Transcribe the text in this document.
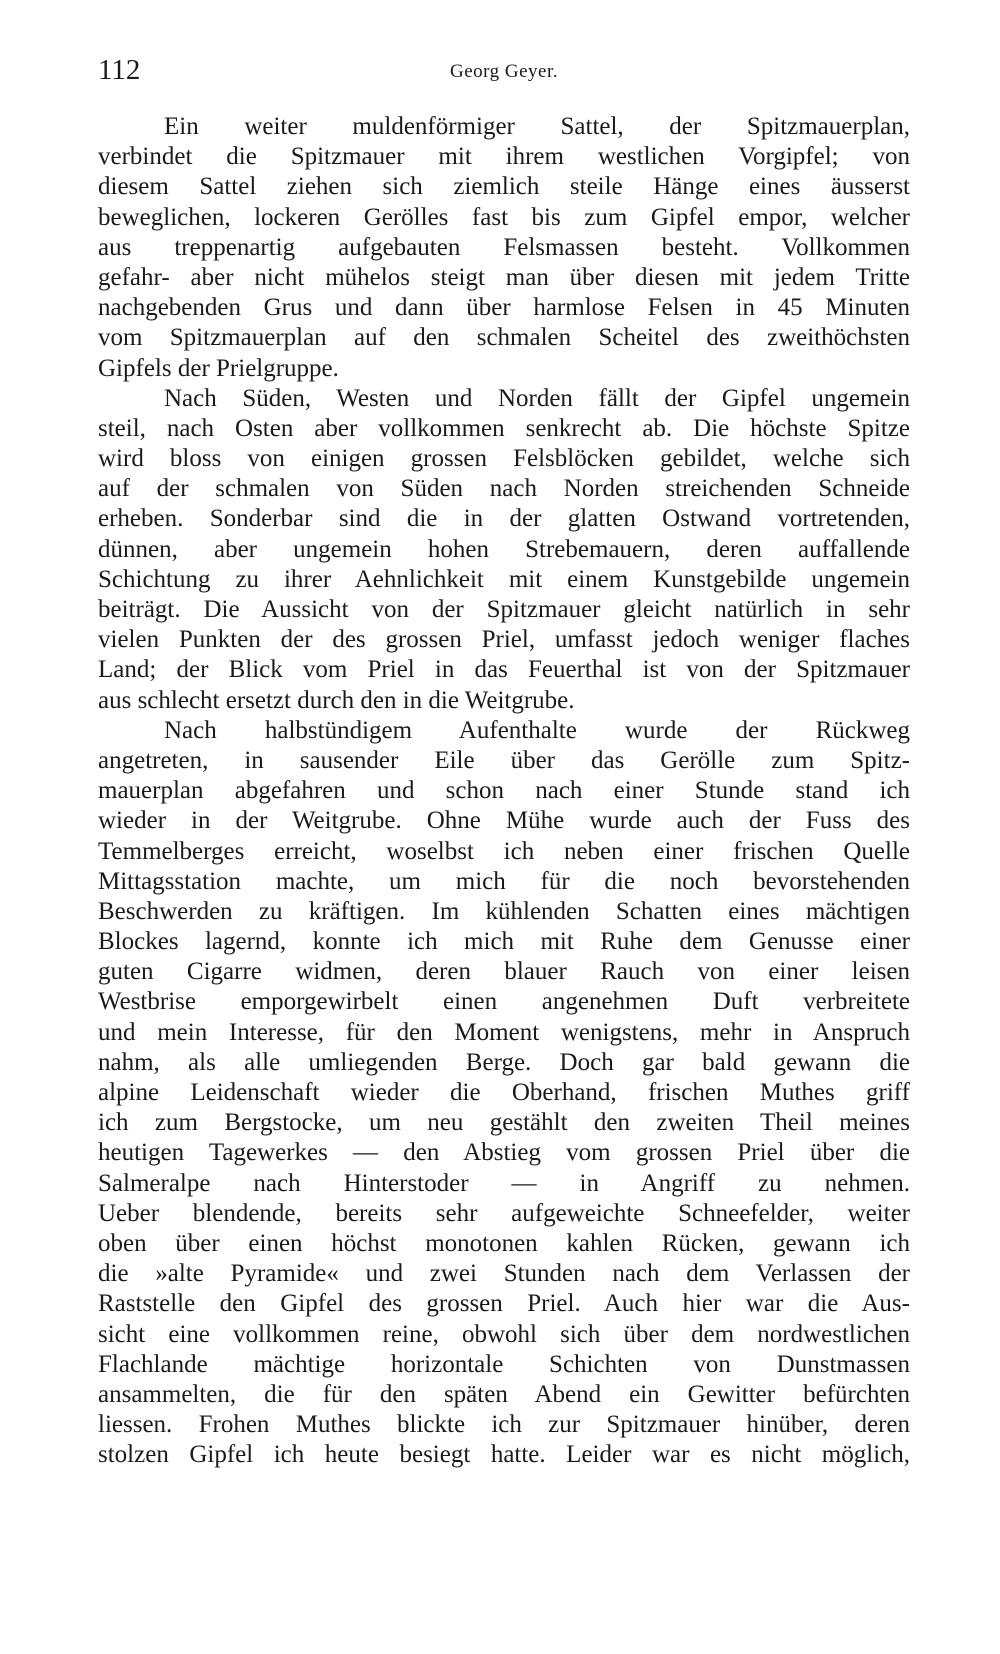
112	Georg Geyer.
Ein weiter muldenförmiger Sattel, der Spitzmauerplan,
verbindet die Spitzmauer mit ihrem westlichen Vorgipfel; von
diesem Sattel ziehen sich ziemlich steile Hänge eines äusserst
beweglichen, lockeren Gerölles fast bis zum Gipfel empor, welcher
aus treppenartig aufgebauten Felsmassen besteht. Vollkommen
gefahr- aber nicht mühelos steigt man über diesen mit jedem Tritte
nachgebenden Grus und dann über harmlose Felsen in 45 Minuten
vom Spitzmauerplan auf den schmalen Scheitel des zweithöchsten
Gipfels der Prielgruppe.
Nach Süden, Westen und Norden fällt der Gipfel ungemein
steil, nach Osten aber vollkommen senkrecht ab. Die höchste Spitze
wird bloss von einigen grossen Felsblöcken gebildet, welche sich
auf der schmalen von Süden nach Norden streichenden Schneide
erheben. Sonderbar sind die in der glatten Ostwand vortretenden,
dünnen, aber ungemein hohen Strebemauern, deren auffallende
Schichtung zu ihrer Aehnlichkeit mit einem Kunstgebilde ungemein
beiträgt. Die Aussicht von der Spitzmauer gleicht natürlich in sehr
vielen Punkten der des grossen Priel, umfasst jedoch weniger flaches
Land; der Blick vom Priel in das Feuerthal ist von der Spitzmauer
aus schlecht ersetzt durch den in die Weitgrube.
Nach halbstündigem Aufenthalte wurde der Rückweg
angetreten, in sausender Eile über das Gerölle zum Spitz-
mauerplan abgefahren und schon nach einer Stunde stand ich
wieder in der Weitgrube. Ohne Mühe wurde auch der Fuss des
Temmelberges erreicht, woselbst ich neben einer frischen Quelle
Mittagsstation machte, um mich für die noch bevorstehenden
Beschwerden zu kräftigen. Im kühlenden Schatten eines mächtigen
Blockes lagernd, konnte ich mich mit Ruhe dem Genusse einer
guten Cigarre widmen, deren blauer Rauch von einer leisen
Westbrise emporgewirbelt einen angenehmen Duft verbreitete
und mein Interesse, für den Moment wenigstens, mehr in Anspruch
nahm, als alle umliegenden Berge. Doch gar bald gewann die
alpine Leidenschaft wieder die Oberhand, frischen Muthes griff
ich zum Bergstocke, um neu gestählt den zweiten Theil meines
heutigen Tagewerkes — den Abstieg vom grossen Priel über die
Salmeralpe nach Hinterstoder — in Angriff zu nehmen.
Ueber blendende, bereits sehr aufgeweichte Schneefelder, weiter
oben über einen höchst monotonen kahlen Rücken, gewann ich
die »alte Pyramide« und zwei Stunden nach dem Verlassen der
Raststelle den Gipfel des grossen Priel. Auch hier war die Aus-
sicht eine vollkommen reine, obwohl sich über dem nordwestlichen
Flachlande mächtige horizontale Schichten von Dunstmassen
ansammelten, die für den späten Abend ein Gewitter befürchten
liessen. Frohen Muthes blickte ich zur Spitzmauer hinüber, deren
stolzen Gipfel ich heute besiegt hatte. Leider war es nicht möglich,
